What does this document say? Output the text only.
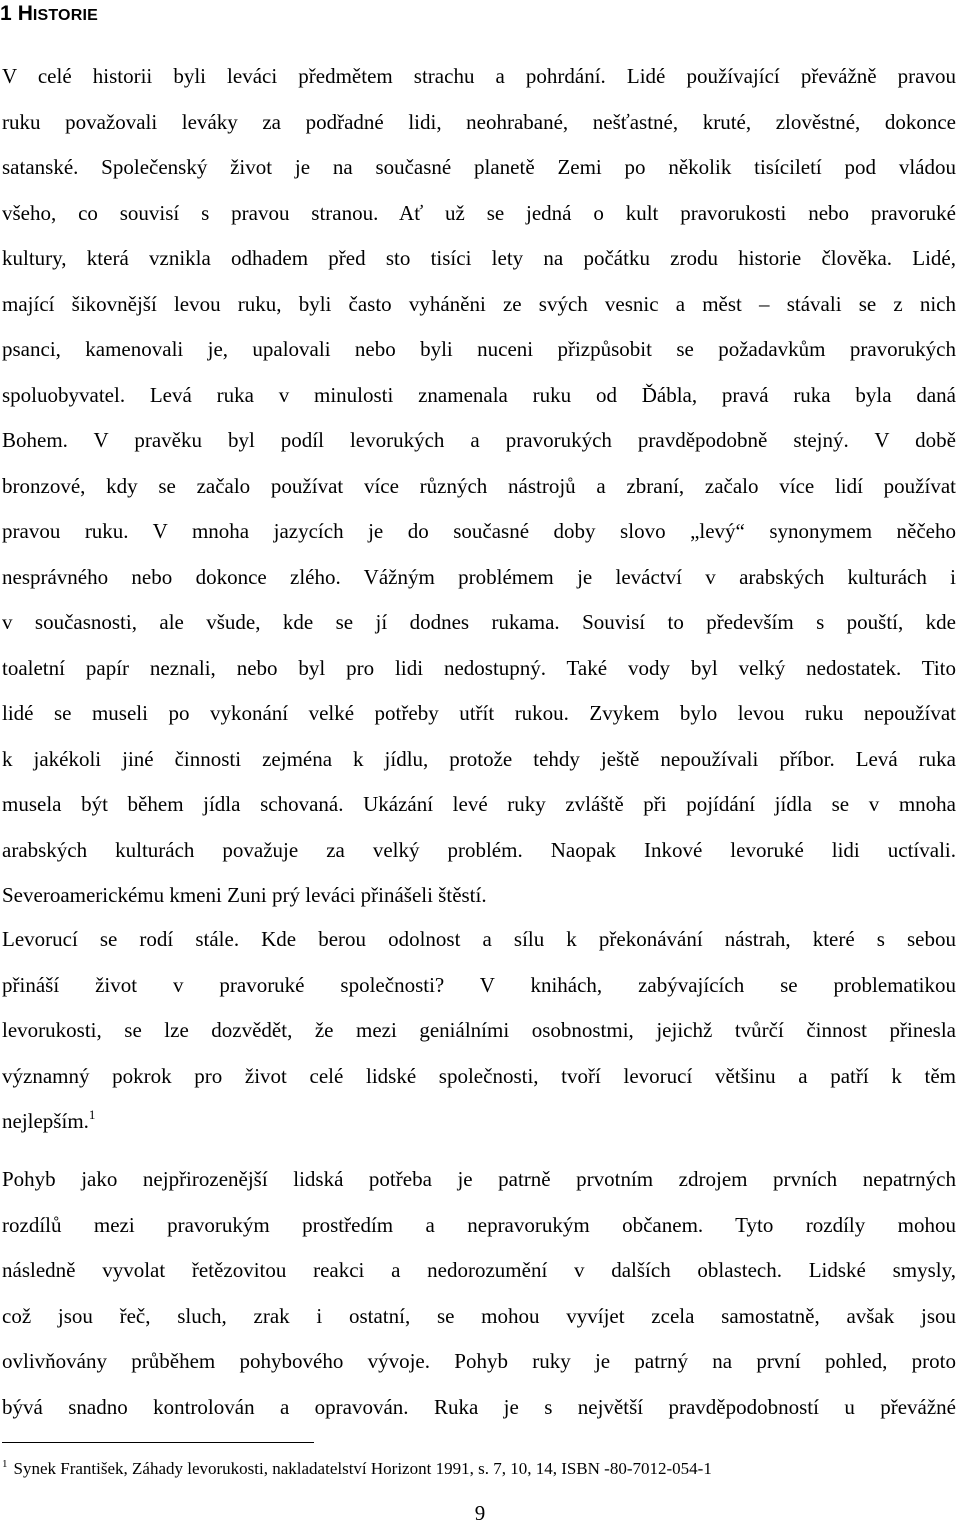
1 HISTORIE
V celé historii byli leváci předmětem strachu a pohrdání. Lidé používající převážně pravou
ruku považovali leváky za podřadné lidi, neohrabané, nešťastné, kruté, zlověstné, dokonce
satanské. Společenský život je na současné planetě Zemi po několik tisíciletí pod vládou
všeho, co souvisí s pravou stranou. Ať už se jedná o kult pravorukosti nebo pravoruké
kultury, která vznikla odhadem před sto tisíci lety na počátku zrodu historie člověka. Lidé,
mající šikovnější levou ruku, byli často vyháněni ze svých vesnic a měst – stávali se z nich
psanci, kamenovali je, upalovali nebo byli nuceni přizpůsobit se požadavkům pravorukých
spoluobyvatel. Levá ruka v minulosti znamenala ruku od Ďábla, pravá ruka byla daná
Bohem. V pravěku byl podíl levorukých a pravorukých pravděpodobně stejný. V době
bronzové, kdy se začalo používat více různých nástrojů a zbraní, začalo více lidí používat
pravou ruku. V mnoha jazycích je do současné doby slovo „levý“ synonymem něčeho
nesprávného nebo dokonce zlého. Vážným problémem je leváctví v arabských kulturách i
v současnosti, ale všude, kde se jí dodnes rukama. Souvisí to především s pouští, kde
toaletní papír neznali, nebo byl pro lidi nedostupný. Také vody byl velký nedostatek. Tito
lidé se museli po vykonání velké potřeby utřít rukou. Zvykem bylo levou ruku nepoužívat
k jakékoli jiné činnosti zejména k jídlu, protože tehdy ještě nepoužívali příbor. Levá ruka
musela být během jídla schovaná. Ukázání levé ruky zvláště při pojídání jídla se v mnoha
arabských kulturách považuje za velký problém. Naopak Inkové levoruké lidi uctívali.
Severoamerickému kmeni Zuni prý leváci přinášeli štěstí.
Levorucí se rodí stále. Kde berou odolnost a sílu k překonávání nástrah, které s sebou
přináší život v pravoruké společnosti? V knihách, zabývajících se problematikou
levorukosti, se lze dozvědět, že mezi geniálními osobnostmi, jejichž tvůrčí činnost přinesla
významný pokrok pro život celé lidské společnosti, tvoří levorucí většinu a patří k těm
nejlepším.$^1$
Pohyb jako nejpřirozenější lidská potřeba je patrně prvotním zdrojem prvních nepatrných
rozdílů mezi pravorukým prostředím a nepravorukým občanem. Tyto rozdíly mohou
následně vyvolat řetězovitou reakci a nedorozumění v dalších oblastech. Lidské smysly,
což jsou řeč, sluch, zrak i ostatní, se mohou vyvíjet zcela samostatně, avšak jsou
ovlivňovány průběhem pohybového vývoje. Pohyb ruky je patrný na první pohled, proto
bývá snadno kontrolován a opravován. Ruka je s největší pravděpodobností u převážné
$^1$ Synek František, Záhady levorukosti, nakladatelství Horizont 1991, s. 7, 10, 14, ISBN -80-7012-054-1
9
